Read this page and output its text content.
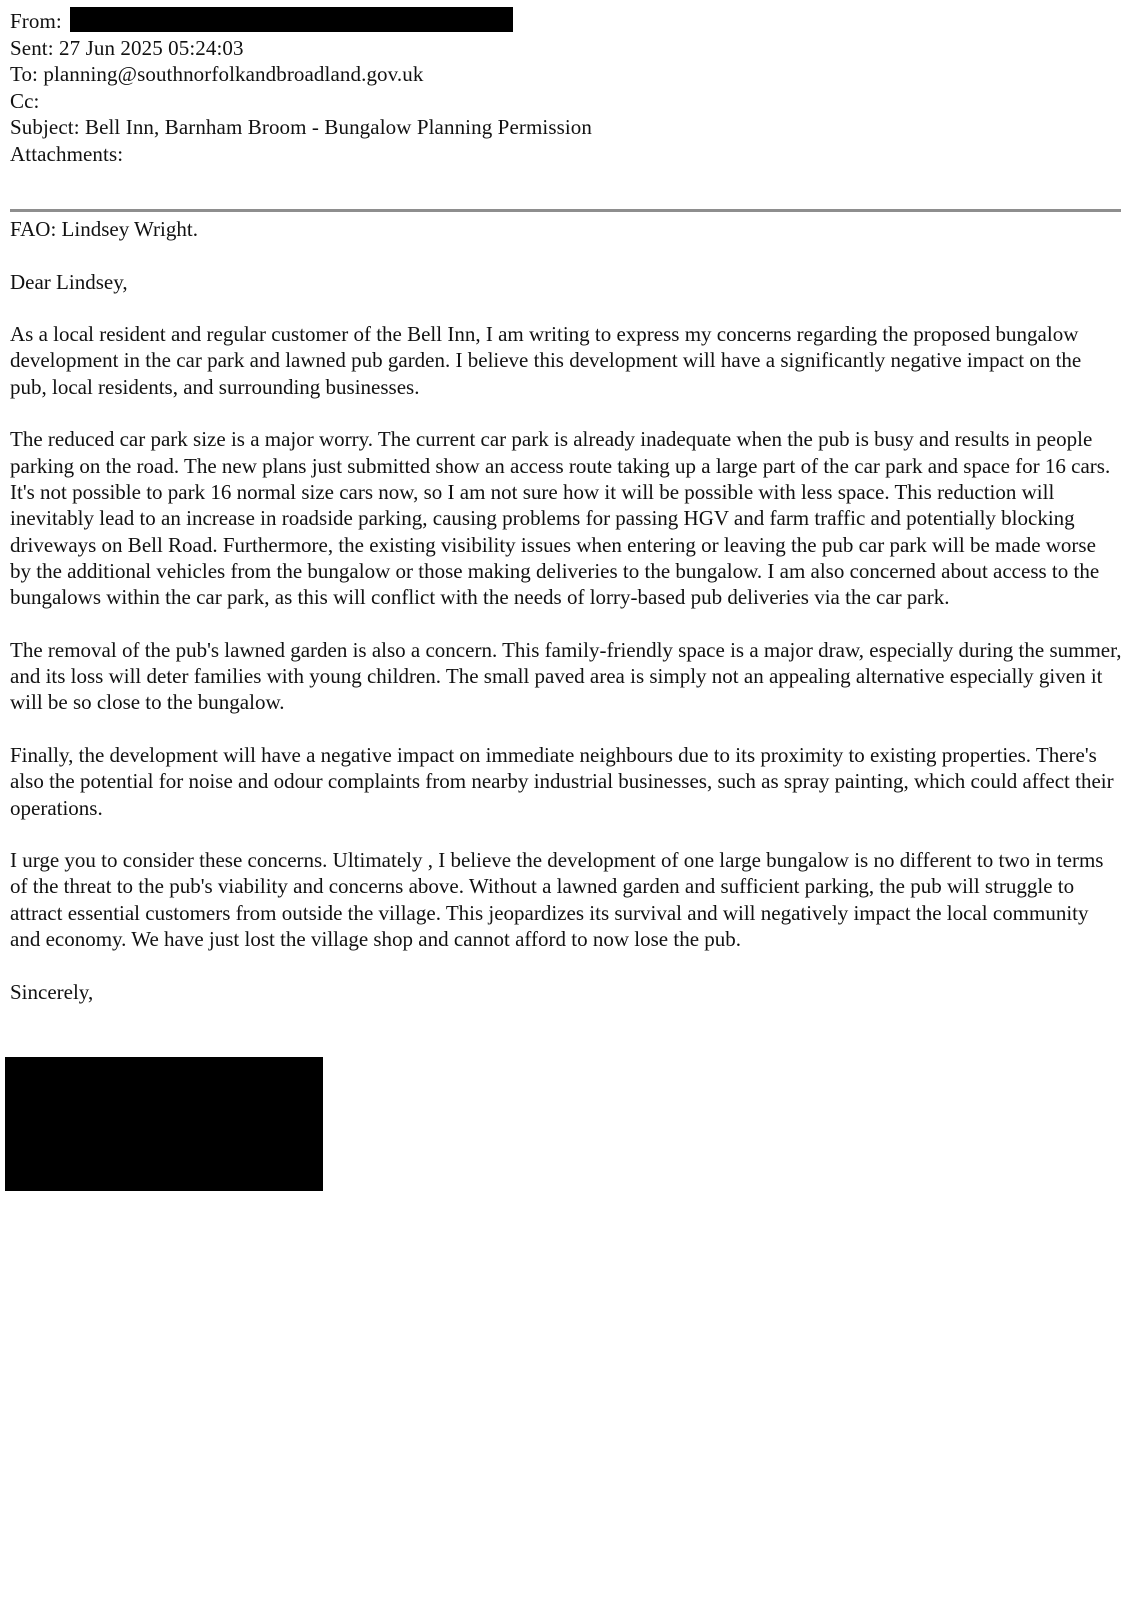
From:
Sent: 27 Jun 2025 05:24:03
To: planning@southnorfolkandbroadland.gov.uk
Cc:
Subject: Bell Inn, Barnham Broom - Bungalow Planning Permission
Attachments:

FAO: Lindsey Wright.

Dear Lindsey,

As a local resident and regular customer of the Bell Inn, I am writing to express my concerns regarding the proposed bungalow development in the car park and lawned pub garden. I believe this development will have a significantly negative impact on the pub, local residents, and surrounding businesses.

The reduced car park size is a major worry. The current car park is already inadequate when the pub is busy and results in people parking on the road. The new plans just submitted show an access route taking up a large part of the car park and space for 16 cars. It's not possible to park 16 normal size cars now, so I am not sure how it will be possible with less space. This reduction will inevitably lead to an increase in roadside parking, causing problems for passing HGV and farm traffic and potentially blocking driveways on Bell Road. Furthermore, the existing visibility issues when entering or leaving the pub car park will be made worse by the additional vehicles from the bungalow or those making deliveries to the bungalow. I am also concerned about access to the bungalows within the car park, as this will conflict with the needs of lorry-based pub deliveries via the car park.

The removal of the pub's lawned garden is also a concern. This family-friendly space is a major draw, especially during the summer, and its loss will deter families with young children. The small paved area is simply not an appealing alternative especially given it will be so close to the bungalow.

Finally, the development will have a negative impact on immediate neighbours due to its proximity to existing properties. There's also the potential for noise and odour complaints from nearby industrial businesses, such as spray painting, which could affect their operations.

I urge you to consider these concerns. Ultimately , I believe the development of one large bungalow is no different to two in terms of the threat to the pub's viability and concerns above. Without a lawned garden and sufficient parking, the pub will struggle to attract essential customers from outside the village. This jeopardizes its survival and will negatively impact the local community and economy. We have just lost the village shop and cannot afford to now lose the pub.

Sincerely,
